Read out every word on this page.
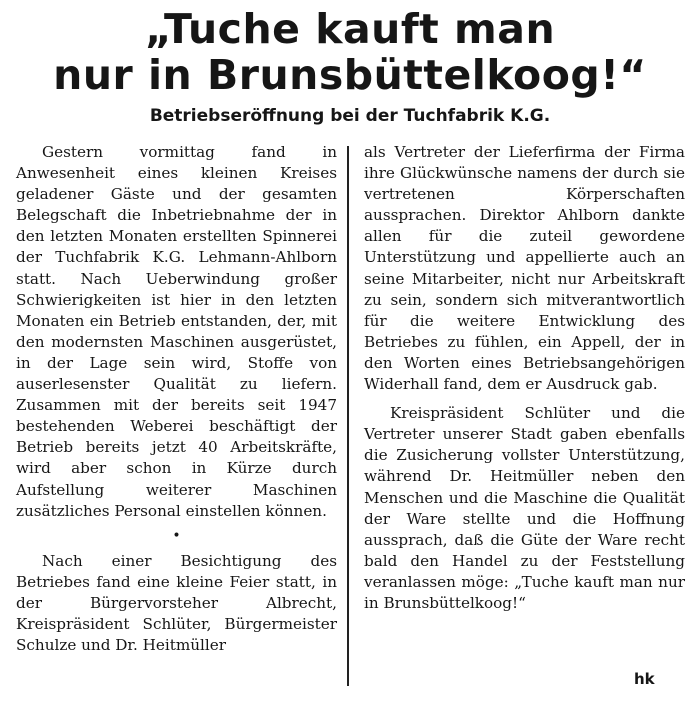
„Tuche kauft man
nur in Brunsbüttelkoog!“
Betriebseröffnung bei der Tuchfabrik K.G.

Gestern vormittag fand in Anwesenheit eines kleinen Kreises geladener Gäste und der gesamten Belegschaft die Inbetriebnahme der in den letzten Monaten erstellten Spinnerei der Tuchfabrik K.G. Lehmann-Ahlborn statt. Nach Ueberwindung großer Schwierigkeiten ist hier in den letzten Monaten ein Betrieb entstanden, der, mit den modernsten Maschinen ausgerüstet, in der Lage sein wird, Stoffe von auserlesenster Qualität zu liefern. Zusammen mit der bereits seit 1947 bestehenden Weberei beschäftigt der Betrieb bereits jetzt 40 Arbeitskräfte, wird aber schon in Kürze durch Aufstellung weiterer Maschinen zusätzliches Personal einstellen können.

•

Nach einer Besichtigung des Betriebes fand eine kleine Feier statt, in der Bürgervorsteher Albrecht, Kreispräsident Schlüter, Bürgermeister Schulze und Dr. Heitmüller

als Vertreter der Lieferfirma der Firma ihre Glückwünsche namens der durch sie vertretenen Körperschaften aussprachen. Direktor Ahlborn dankte allen für die zuteil gewordene Unterstützung und appellierte auch an seine Mitarbeiter, nicht nur Arbeitskraft zu sein, sondern sich mitverantwortlich für die weitere Entwicklung des Betriebes zu fühlen, ein Appell, der in den Worten eines Betriebsangehörigen Widerhall fand, dem er Ausdruck gab.

Kreispräsident Schlüter und die Vertreter unserer Stadt gaben ebenfalls die Zusicherung vollster Unterstützung, während Dr. Heitmüller neben den Menschen und die Maschine die Qualität der Ware stellte und die Hoffnung aussprach, daß die Güte der Ware recht bald den Handel zu der Feststellung veranlassen möge: „Tuche kauft man nur in Brunsbüttelkoog!“

hk
